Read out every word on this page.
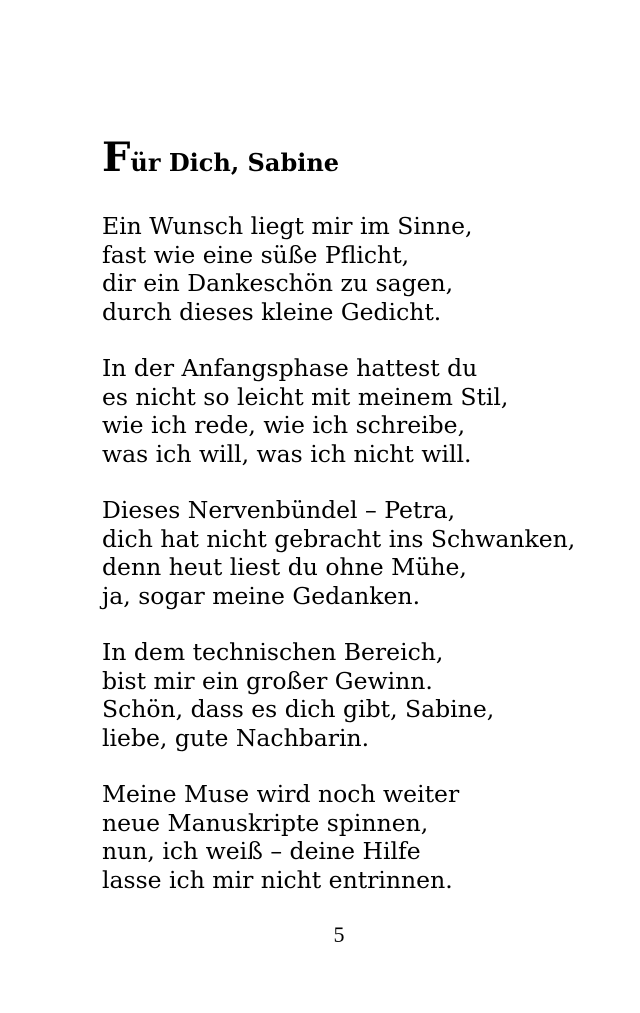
Für Dich, Sabine
Ein Wunsch liegt mir im Sinne,
fast wie eine süße Pflicht,
dir ein Dankeschön zu sagen,
durch dieses kleine Gedicht.
In der Anfangsphase hattest du
es nicht so leicht mit meinem Stil,
wie ich rede, wie ich schreibe,
was ich will, was ich nicht will.
Dieses Nervenbündel – Petra,
dich hat nicht gebracht ins Schwanken,
denn heut liest du ohne Mühe,
ja, sogar meine Gedanken.
In dem technischen Bereich,
bist mir ein großer Gewinn.
Schön, dass es dich gibt, Sabine,
liebe, gute Nachbarin.
Meine Muse wird noch weiter
neue Manuskripte spinnen,
nun, ich weiß – deine Hilfe
lasse ich mir nicht entrinnen.
5
